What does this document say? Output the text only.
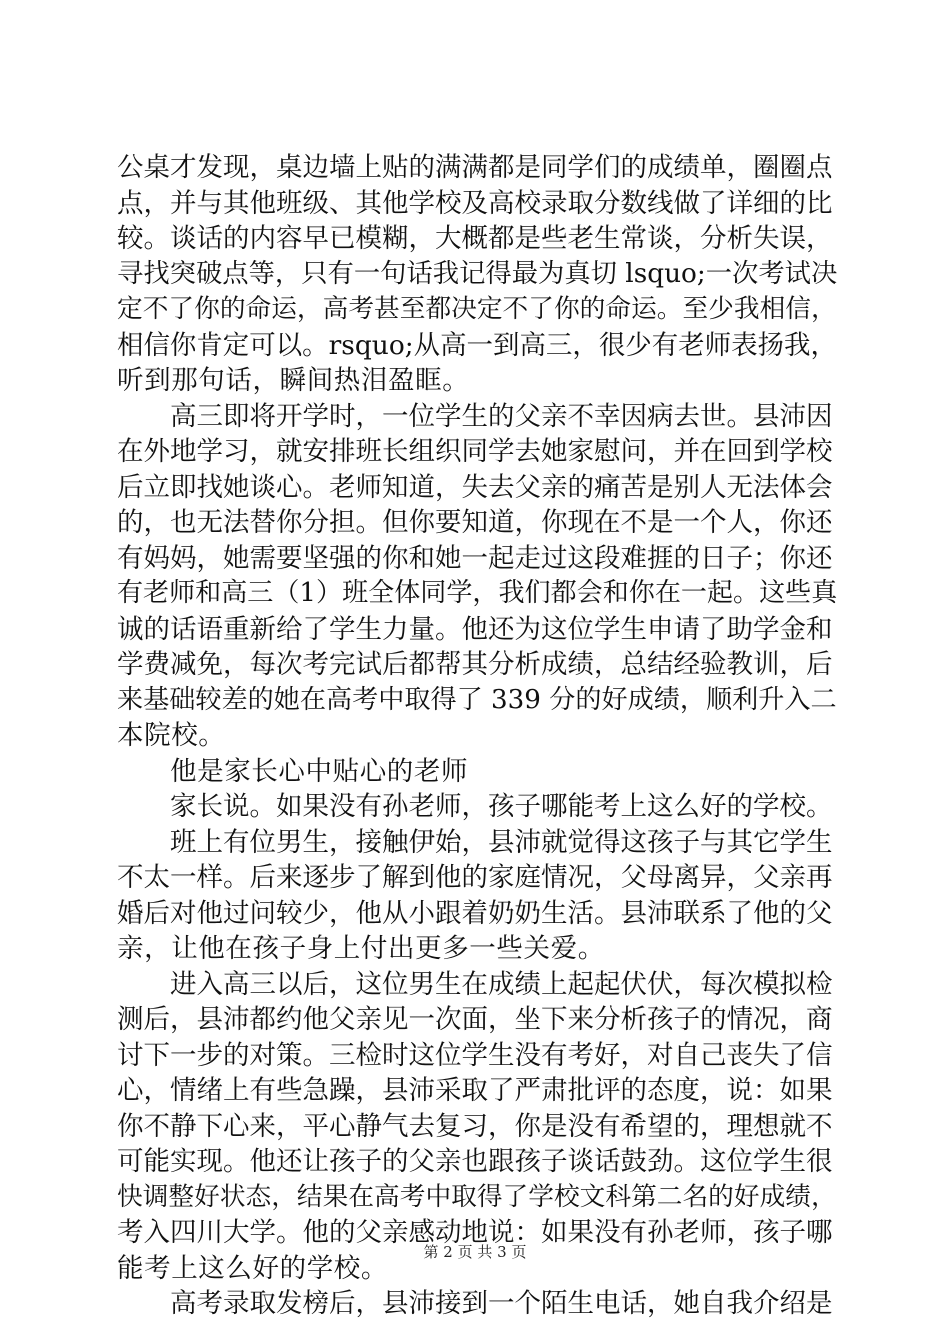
公桌才发现，桌边墙上贴的满满都是同学们的成绩单，圈圈点
点，并与其他班级、其他学校及高校录取分数线做了详细的比
较。谈话的内容早已模糊，大概都是些老生常谈，分析失误，
寻找突破点等，只有一句话我记得最为真切 lsquo;一次考试决
定不了你的命运，高考甚至都决定不了你的命运。至少我相信，
相信你肯定可以。rsquo;从高一到高三，很少有老师表扬我，
听到那句话，瞬间热泪盈眶。
高三即将开学时，一位学生的父亲不幸因病去世。县沛因
在外地学习，就安排班长组织同学去她家慰问，并在回到学校
后立即找她谈心。老师知道，失去父亲的痛苦是别人无法体会
的，也无法替你分担。但你要知道，你现在不是一个人，你还
有妈妈，她需要坚强的你和她一起走过这段难捱的日子；你还
有老师和高三（1）班全体同学，我们都会和你在一起。这些真
诚的话语重新给了学生力量。他还为这位学生申请了助学金和
学费减免，每次考完试后都帮其分析成绩，总结经验教训，后
来基础较差的她在高考中取得了 339 分的好成绩，顺利升入二
本院校。
他是家长心中贴心的老师
家长说。如果没有孙老师，孩子哪能考上这么好的学校。
班上有位男生，接触伊始，县沛就觉得这孩子与其它学生
不太一样。后来逐步了解到他的家庭情况，父母离异，父亲再
婚后对他过问较少，他从小跟着奶奶生活。县沛联系了他的父
亲，让他在孩子身上付出更多一些关爱。
进入高三以后，这位男生在成绩上起起伏伏，每次模拟检
测后，县沛都约他父亲见一次面，坐下来分析孩子的情况，商
讨下一步的对策。三检时这位学生没有考好，对自己丧失了信
心，情绪上有些急躁，县沛采取了严肃批评的态度，说：如果
你不静下心来，平心静气去复习，你是没有希望的，理想就不
可能实现。他还让孩子的父亲也跟孩子谈话鼓劲。这位学生很
快调整好状态，结果在高考中取得了学校文科第二名的好成绩，
考入四川大学。他的父亲感动地说：如果没有孙老师，孩子哪
能考上这么好的学校。
高考录取发榜后，县沛接到一个陌生电话，她自我介绍是
第 2 页 共 3 页
